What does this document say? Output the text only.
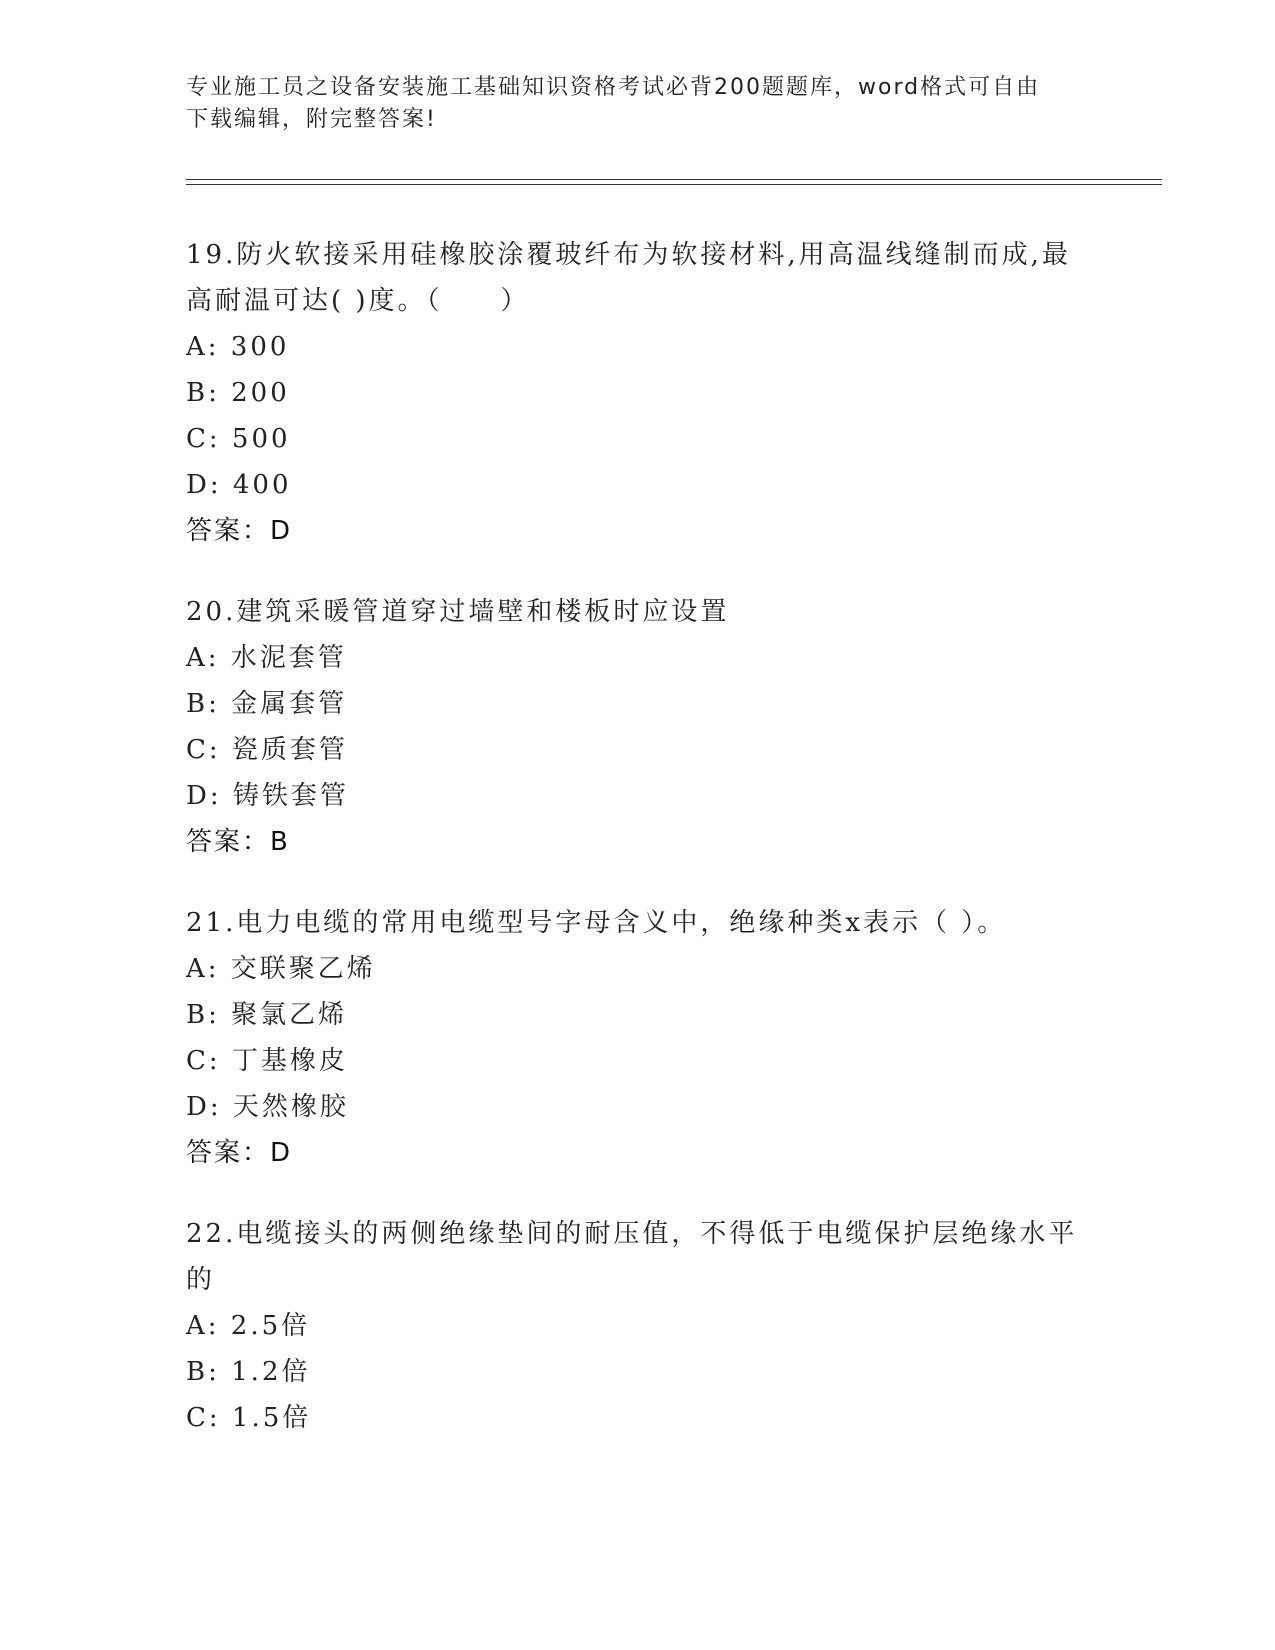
专业施工员之设备安装施工基础知识资格考试必背200题题库，word格式可自由
下载编辑，附完整答案!
19.防火软接采用硅橡胶涂覆玻纤布为软接材料,用高温线缝制而成,最
高耐温可达( )度。（　　）
A: 300
B: 200
C: 500
D: 400
答案：D
20.建筑采暖管道穿过墙壁和楼板时应设置
A: 水泥套管
B: 金属套管
C: 瓷质套管
D: 铸铁套管
答案：B
21.电力电缆的常用电缆型号字母含义中，绝缘种类x表示（ ）。
A: 交联聚乙烯
B: 聚氯乙烯
C: 丁基橡皮
D: 天然橡胶
答案：D
22.电缆接头的两侧绝缘垫间的耐压值，不得低于电缆保护层绝缘水平
的
A: 2.5倍
B: 1.2倍
C: 1.5倍
